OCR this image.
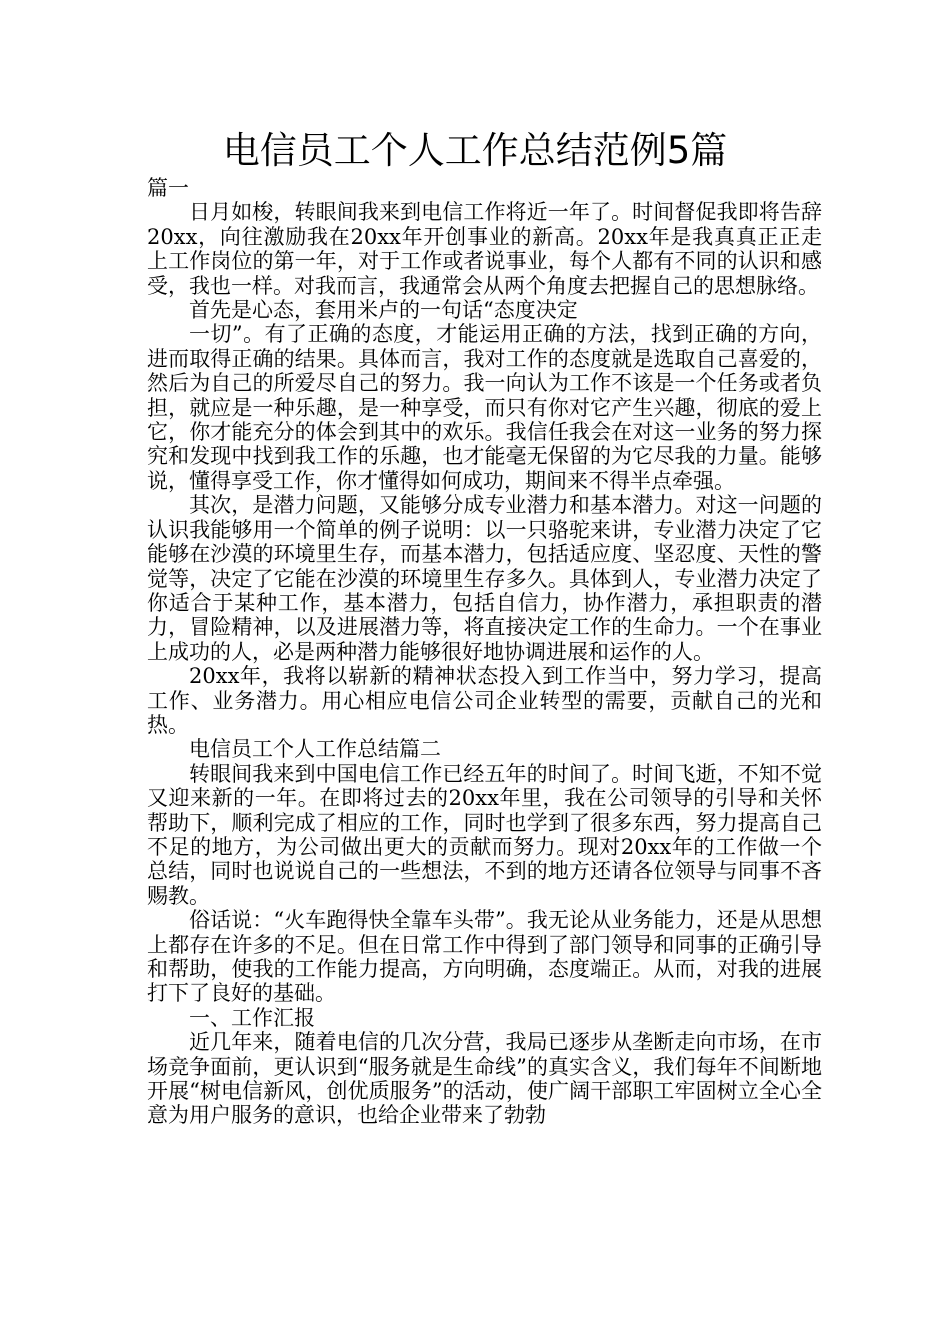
电信员工个人工作总结范例5篇

篇一

日月如梭，转眼间我来到电信工作将近一年了。时间督促我即将告辞20xx，向往激励我在20xx年开创事业的新高。20xx年是我真真正正走上工作岗位的第一年，对于工作或者说事业，每个人都有不同的认识和感受，我也一样。对我而言，我通常会从两个角度去把握自己的思想脉络。

首先是心态，套用米卢的一句话“态度决定

一切”。有了正确的态度，才能运用正确的方法，找到正确的方向，进而取得正确的结果。具体而言，我对工作的态度就是选取自己喜爱的，然后为自己的所爱尽自己的努力。我一向认为工作不该是一个任务或者负担，就应是一种乐趣，是一种享受，而只有你对它产生兴趣，彻底的爱上它，你才能充分的体会到其中的欢乐。我信任我会在对这一业务的努力探究和发现中找到我工作的乐趣，也才能毫无保留的为它尽我的力量。能够说，懂得享受工作，你才懂得如何成功，期间来不得半点牵强。

其次，是潜力问题，又能够分成专业潜力和基本潜力。对这一问题的认识我能够用一个简单的例子说明：以一只骆驼来讲，专业潜力决定了它能够在沙漠的环境里生存，而基本潜力，包括适应度、坚忍度、天性的警觉等，决定了它能在沙漠的环境里生存多久。具体到人，专业潜力决定了你适合于某种工作，基本潜力，包括自信力，协作潜力，承担职责的潜力，冒险精神，以及进展潜力等，将直接决定工作的生命力。一个在事业上成功的人，必是两种潜力能够很好地协调进展和运作的人。

20xx年，我将以崭新的精神状态投入到工作当中，努力学习，提高工作、业务潜力。用心相应电信公司企业转型的需要，贡献自己的光和热。

电信员工个人工作总结篇二

转眼间我来到中国电信工作已经五年的时间了。时间飞逝，不知不觉又迎来新的一年。在即将过去的20xx年里，我在公司领导的引导和关怀帮助下，顺利完成了相应的工作，同时也学到了很多东西，努力提高自己不足的地方，为公司做出更大的贡献而努力。现对20xx年的工作做一个总结，同时也说说自己的一些想法，不到的地方还请各位领导与同事不吝赐教。

俗话说：“火车跑得快全靠车头带”。我无论从业务能力，还是从思想上都存在许多的不足。但在日常工作中得到了部门领导和同事的正确引导和帮助，使我的工作能力提高，方向明确，态度端正。从而，对我的进展打下了良好的基础。

一、工作汇报

近几年来，随着电信的几次分营，我局已逐步从垄断走向市场，在市场竞争面前，更认识到“服务就是生命线”的真实含义，我们每年不间断地开展“树电信新风，创优质服务”的活动，使广阔干部职工牢固树立全心全意为用户服务的意识，也给企业带来了勃勃
